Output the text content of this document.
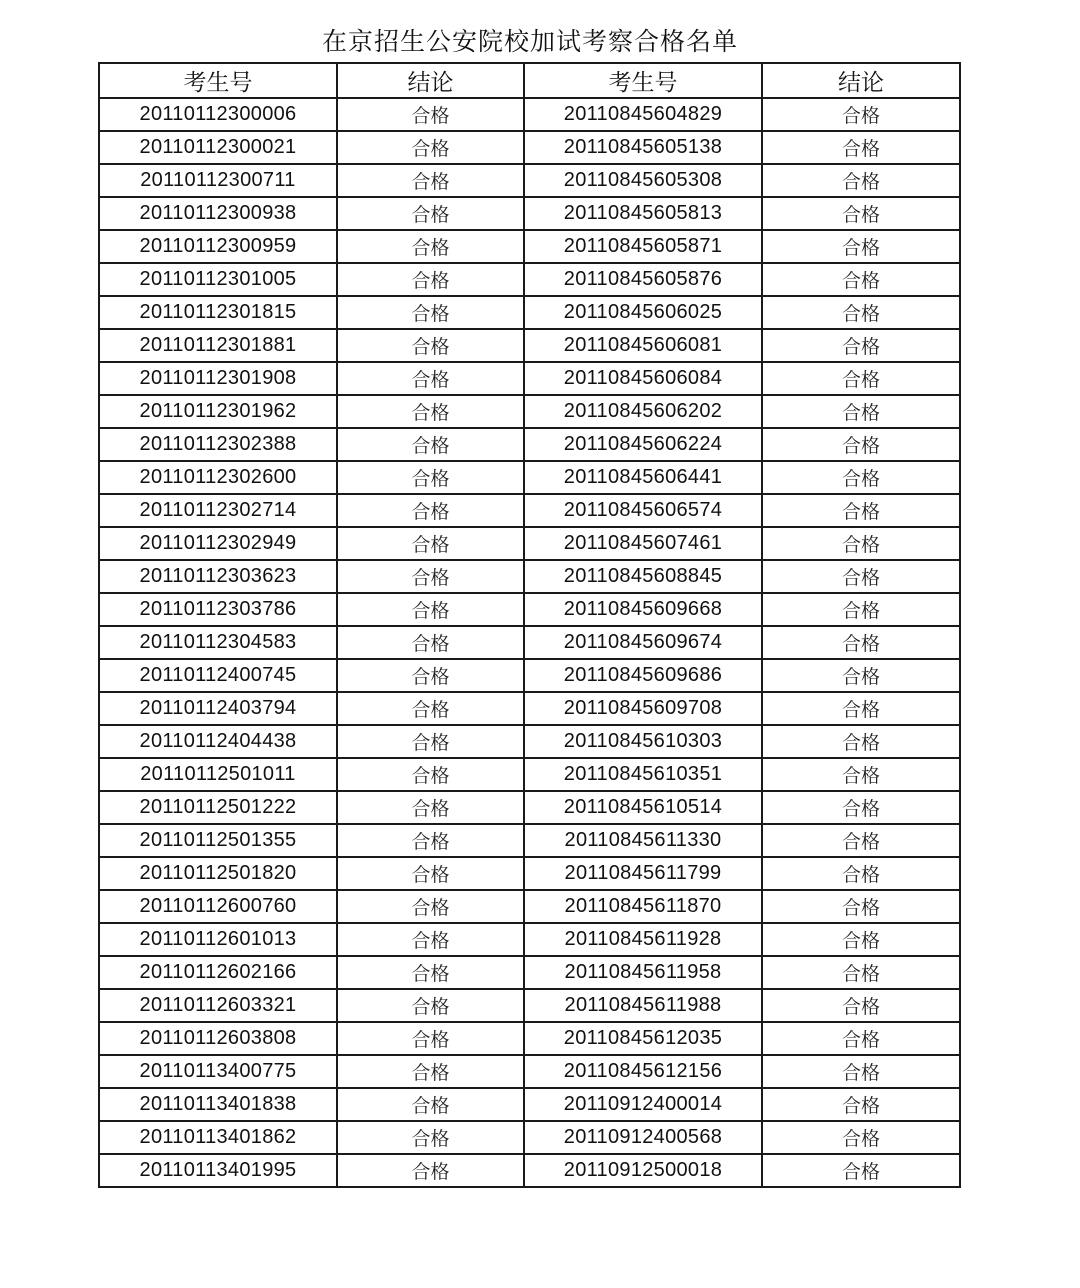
在京招生公安院校加试考察合格名单
考生号	结论	考生号	结论
20110112300006	合格	20110845604829	合格
20110112300021	合格	20110845605138	合格
20110112300711	合格	20110845605308	合格
20110112300938	合格	20110845605813	合格
20110112300959	合格	20110845605871	合格
20110112301005	合格	20110845605876	合格
20110112301815	合格	20110845606025	合格
20110112301881	合格	20110845606081	合格
20110112301908	合格	20110845606084	合格
20110112301962	合格	20110845606202	合格
20110112302388	合格	20110845606224	合格
20110112302600	合格	20110845606441	合格
20110112302714	合格	20110845606574	合格
20110112302949	合格	20110845607461	合格
20110112303623	合格	20110845608845	合格
20110112303786	合格	20110845609668	合格
20110112304583	合格	20110845609674	合格
20110112400745	合格	20110845609686	合格
20110112403794	合格	20110845609708	合格
20110112404438	合格	20110845610303	合格
20110112501011	合格	20110845610351	合格
20110112501222	合格	20110845610514	合格
20110112501355	合格	20110845611330	合格
20110112501820	合格	20110845611799	合格
20110112600760	合格	20110845611870	合格
20110112601013	合格	20110845611928	合格
20110112602166	合格	20110845611958	合格
20110112603321	合格	20110845611988	合格
20110112603808	合格	20110845612035	合格
20110113400775	合格	20110845612156	合格
20110113401838	合格	20110912400014	合格
20110113401862	合格	20110912400568	合格
20110113401995	合格	20110912500018	合格
